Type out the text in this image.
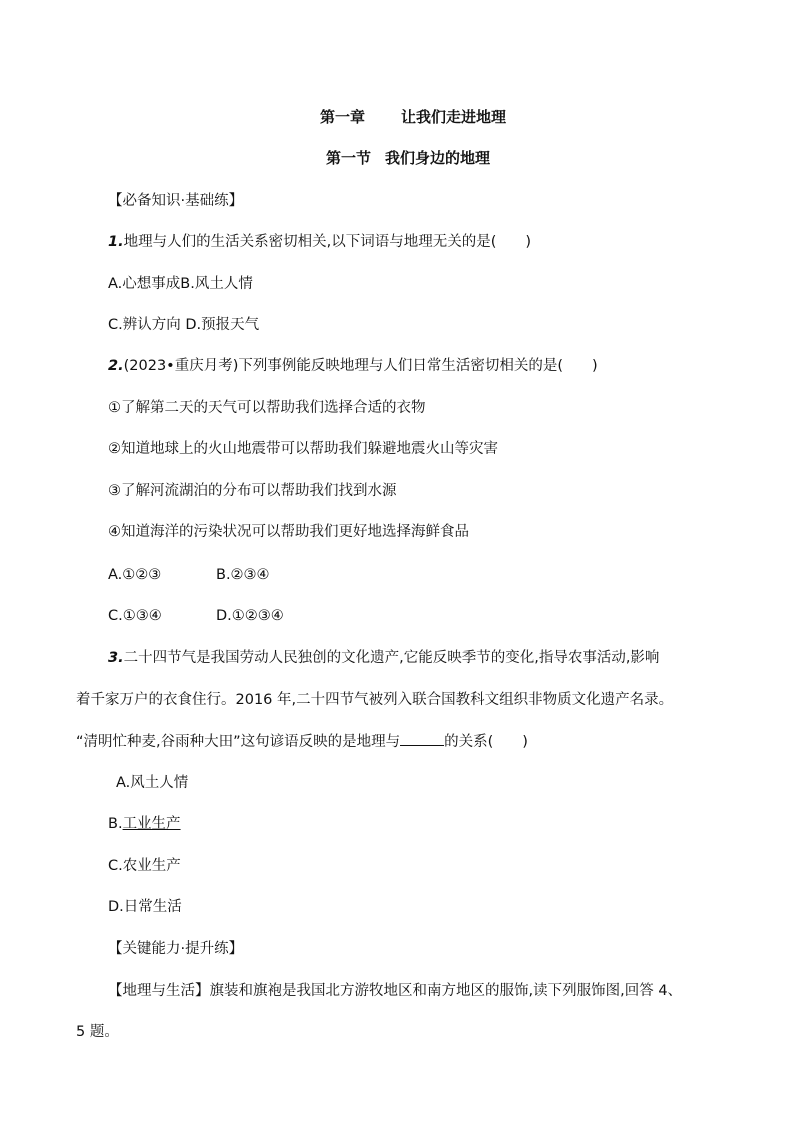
第一章 让我们走进地理
第一节 我们身边的地理
【必备知识·基础练】
1.地理与人们的生活关系密切相关,以下词语与地理无关的是(　　)
A.心想事成B.风土人情
C.辨认方向 D.预报天气
2.(2023•重庆月考)下列事例能反映地理与人们日常生活密切相关的是(　　)
①了解第二天的天气可以帮助我们选择合适的衣物
②知道地球上的火山地震带可以帮助我们躲避地震火山等灾害
③了解河流湖泊的分布可以帮助我们找到水源
④知道海洋的污染状况可以帮助我们更好地选择海鲜食品
A.①②③	B.②③④
C.①③④	D.①②③④
3.二十四节气是我国劳动人民独创的文化遗产,它能反映季节的变化,指导农事活动,影响
着千家万户的衣食住行。2016 年,二十四节气被列入联合国教科文组织非物质文化遗产名录。
“清明忙种麦,谷雨种大田”这句谚语反映的是地理与	的关系(　　)
A.风土人情
B.工业生产
C.农业生产
D.日常生活
【关键能力·提升练】
【地理与生活】旗装和旗袍是我国北方游牧地区和南方地区的服饰,读下列服饰图,回答 4、
5 题。
